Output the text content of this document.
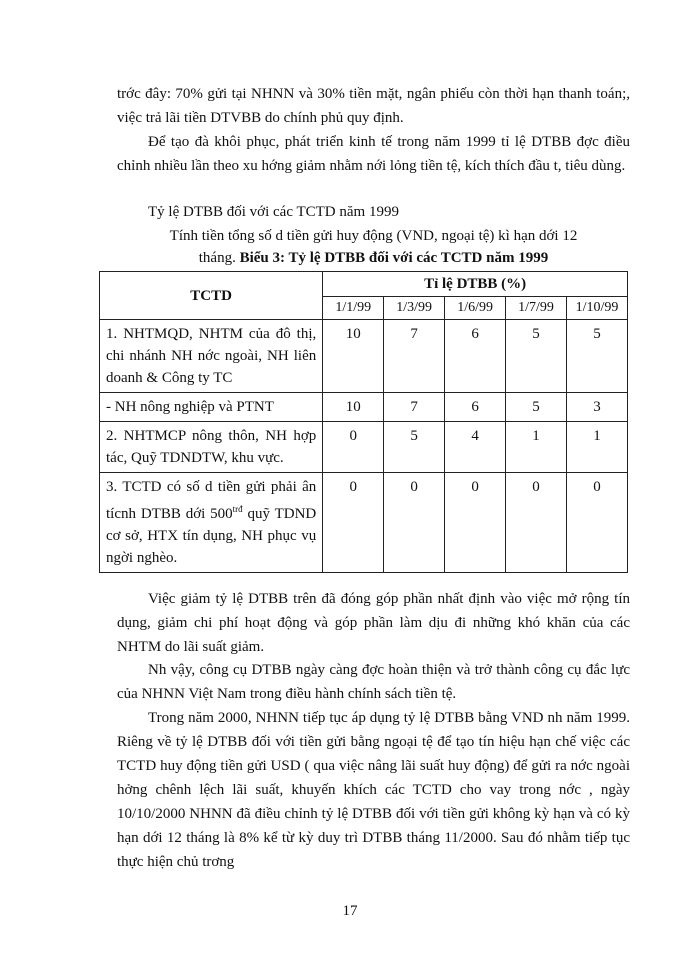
trớc đây: 70% gửi tại NHNN và 30% tiền mặt, ngân phiếu còn thời hạn thanh toán;, việc trả lãi tiền DTVBB do chính phủ quy định.

Để tạo đà khôi phục, phát triển kinh tế trong năm 1999 tỉ lệ DTBB đợc điều chỉnh nhiều lần theo xu hớng giảm nhằm nới lỏng tiền tệ, kích thích đầu t, tiêu dùng.

Tỷ lệ DTBB đối với các TCTD năm 1999

Tính tiền tổng số d tiền gửi huy động (VND, ngoại tệ) kì hạn dới 12

tháng. Biểu 3: Tỷ lệ DTBB đối với các TCTD năm 1999

TCTD	Tỉ lệ DTBB (%)				
	1/1/99	1/3/99	1/6/99	1/7/99	1/10/99
1. NHTMQD, NHTM của đô thị, chi nhánh NH nớc ngoài, NH liên doanh & Công ty TC	10	7	6	5	5
- NH nông nghiệp và PTNT	10	7	6	5	3
2. NHTMCP nông thôn, NH hợp tác, Quỹ TDNDTW, khu vực.	0	5	4	1	1
3. TCTD có số d tiền gửi phải ân tícnh DTBB dới $500^{trđ}$ quỹ TDND cơ sở, HTX tín dụng, NH phục vụ ngời nghèo.	0	0	0	0	0

Việc giảm tỷ lệ DTBB trên đã đóng góp phần nhất định vào việc mở rộng tín dụng, giảm chi phí hoạt động và góp phần làm dịu đi những khó khăn của các NHTM do lãi suất giảm.

Nh vậy, công cụ DTBB ngày càng đợc hoàn thiện và trở thành công cụ đắc lực của NHNN Việt Nam trong điều hành chính sách tiền tệ.

Trong năm 2000, NHNN tiếp tục áp dụng tỷ lệ DTBB bằng VND nh năm 1999. Riêng về tỷ lệ DTBB đối với tiền gửi bằng ngoại tệ để tạo tín hiệu hạn chế việc các TCTD huy động tiền gửi USD ( qua việc nâng lãi suất huy động) để gửi ra nớc ngoài hởng chênh lệch lãi suất, khuyến khích các TCTD cho vay trong nớc , ngày 10/10/2000 NHNN đã điều chỉnh tỷ lệ DTBB đối với tiền gửi không kỳ hạn và có kỳ hạn dới 12 tháng là 8% kể từ kỳ duy trì DTBB tháng 11/2000. Sau đó nhằm tiếp tục thực hiện chủ trơng

17
